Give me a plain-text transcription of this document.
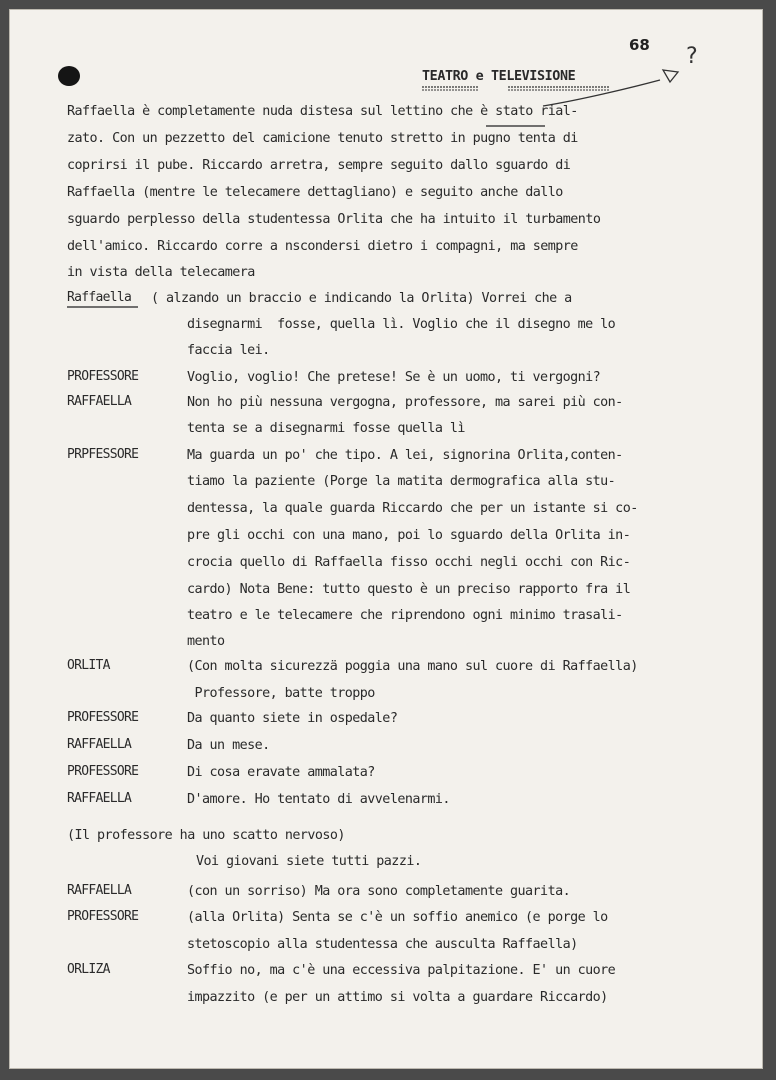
68 ?
TEATRO e TELEVISIONE
Raffaella è completamente nuda distesa sul lettino che è stato rial-
zato. Con un pezzetto del camicione tenuto stretto in pugno tenta di
coprirsi il pube. Riccardo arretra, sempre seguito dallo sguardo di
Raffaella (mentre le telecamere dettagliano) e seguito anche dallo
sguardo perplesso della studentessa Orlita che ha intuito il turbamento
dell'amico. Riccardo corre a nscondersi dietro i compagni, ma sempre
in vista della telecamera
Raffaella ( alzando un braccio e indicando la Orlita) Vorrei che a
disegnarmi  fosse, quella lì. Voglio che il disegno me lo
faccia lei.
PROFESSORE	Voglio, voglio! Che pretese! Se è un uomo, ti vergogni?
RAFFAELLA	Non ho più nessuna vergogna, professore, ma sarei più con-
tenta se a disegnarmi fosse quella lì
PRPFESSORE	Ma guarda un po' che tipo. A lei, signorina Orlita,conten-
tiamo la paziente (Porge la matita dermografica alla stu-
dentessa, la quale guarda Riccardo che per un istante si co-
pre gli occhi con una mano, poi lo sguardo della Orlita in-
crocia quello di Raffaella fisso occhi negli occhi con Ric-
cardo) Nota Bene: tutto questo è un preciso rapporto fra il
teatro e le telecamere che riprendono ogni minimo trasali-
mento
ORLITA	(Con molta sicurezzä poggia una mano sul cuore di Raffaella)
Professore, batte troppo
PROFESSORE	Da quanto siete in ospedale?
RAFFAELLA	Da un mese.
PROFESSORE	Di cosa eravate ammalata?
RAFFAELLA	D'amore. Ho tentato di avvelenarmi.
(Il professore ha uno scatto nervoso)
Voi giovani siete tutti pazzi.
RAFFAELLA	(con un sorriso) Ma ora sono completamente guarita.
PROFESSORE	(alla Orlita) Senta se c'è un soffio anemico (e porge lo
stetoscopio alla studentessa che ausculta Raffaella)
ORLIZA	Soffio no, ma c'è una eccessiva palpitazione. E' un cuore
impazzito (e per un attimo si volta a guardare Riccardo)
